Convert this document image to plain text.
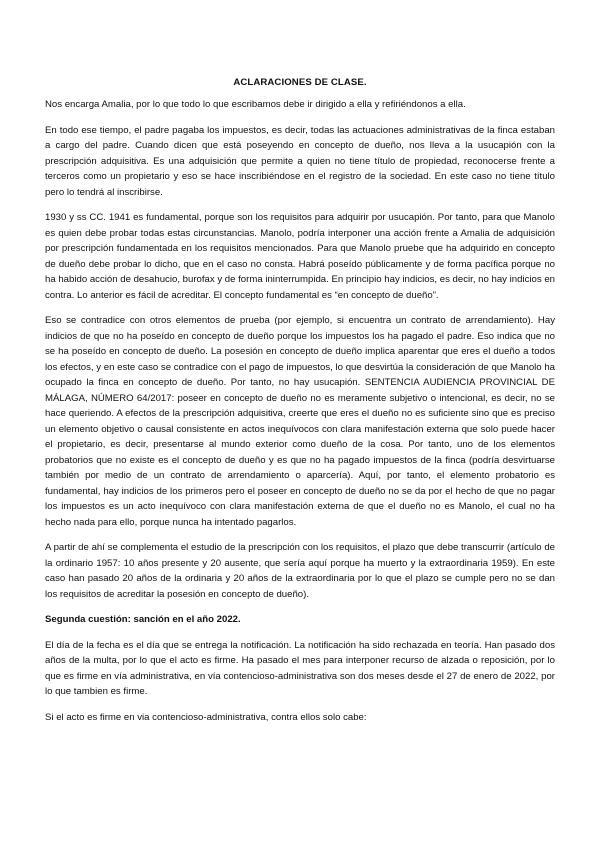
ACLARACIONES DE CLASE.

Nos encarga Amalia, por lo que todo lo que escribamos debe ir dirigido a ella y refiriéndonos a ella.

En todo ese tiempo, el padre pagaba los impuestos, es decir, todas las actuaciones administrativas de la finca estaban a cargo del padre. Cuando dicen que está poseyendo en concepto de dueño, nos lleva a la usucapión con la prescripción adquisitiva. Es una adquisición que permite a quien no tiene título de propiedad, reconocerse frente a terceros como un propietario y eso se hace inscribiéndose en el registro de la sociedad. En este caso no tiene título pero lo tendrá al inscribirse.

1930 y ss CC. 1941 es fundamental, porque son los requisitos para adquirir por usucapión. Por tanto, para que Manolo es quien debe probar todas estas circunstancias. Manolo, podría interponer una acción frente a Amalia de adquisición por prescripción fundamentada en los requisitos mencionados. Para que Manolo pruebe que ha adquirido en concepto de dueño debe probar lo dicho, que en el caso no consta. Habrá poseído públicamente y de forma pacífica porque no ha habido acción de desahucio, burofax y de forma ininterrumpida. En principio hay indicios, es decir, no hay indicios en contra. Lo anterior es fácil de acreditar. El concepto fundamental es “en concepto de dueño”.

Eso se contradice con otros elementos de prueba (por ejemplo, si encuentra un contrato de arrendamiento). Hay indicios de que no ha poseído en concepto de dueño porque los impuestos los ha pagado el padre. Eso indica que no se ha poseído en concepto de dueño. La posesión en concepto de dueño implica aparentar que eres el dueño a todos los efectos, y en este caso se contradice con el pago de impuestos, lo que desvirtúa la consideración de que Manolo ha ocupado la finca en concepto de dueño. Por tanto, no hay usucapión. SENTENCIA AUDIENCIA PROVINCIAL DE MÁLAGA, NÚMERO 64/2017: poseer en concepto de dueño no es meramente subjetivo o intencional, es decir, no se hace queriendo. A efectos de la prescripción adquisitiva, creerte que eres el dueño no es suficiente sino que es preciso un elemento objetivo o causal consistente en actos inequívocos con clara manifestación externa que solo puede hacer el propietario, es decir, presentarse al mundo exterior como dueño de la cosa. Por tanto, uno de los elementos probatorios que no existe es el concepto de dueño y es que no ha pagado impuestos de la finca (podría desvirtuarse también por medio de un contrato de arrendamiento o aparcería). Aquí, por tanto, el elemento probatorio es fundamental, hay indicios de los primeros pero el poseer en concepto de dueño no se da por el hecho de que no pagar los impuestos es un acto inequívoco con clara manifestación externa de que el dueño no es Manolo, el cual no ha hecho nada para ello, porque nunca ha intentado pagarlos.

A partir de ahí se complementa el estudio de la prescripción con los requisitos, el plazo que debe transcurrir (artículo de la ordinario 1957: 10 años presente y 20 ausente, que sería aquí porque ha muerto y la extraordinaria 1959). En este caso han pasado 20 años de la ordinaria y 20 años de la extraordinaria por lo que el plazo se cumple pero no se dan los requisitos de acreditar la posesión en concepto de dueño).

Segunda cuestión: sanción en el año 2022.

El día de la fecha es el día que se entrega la notificación. La notificación ha sido rechazada en teoría. Han pasado dos años de la multa, por lo que el acto es firme. Ha pasado el mes para interponer recurso de alzada o reposición, por lo que es firme en vía administrativa, en vía contencioso-administrativa son dos meses desde el 27 de enero de 2022, por lo que tambien es firme.

Si el acto es firme en via contencioso-administrativa, contra ellos solo cabe:
